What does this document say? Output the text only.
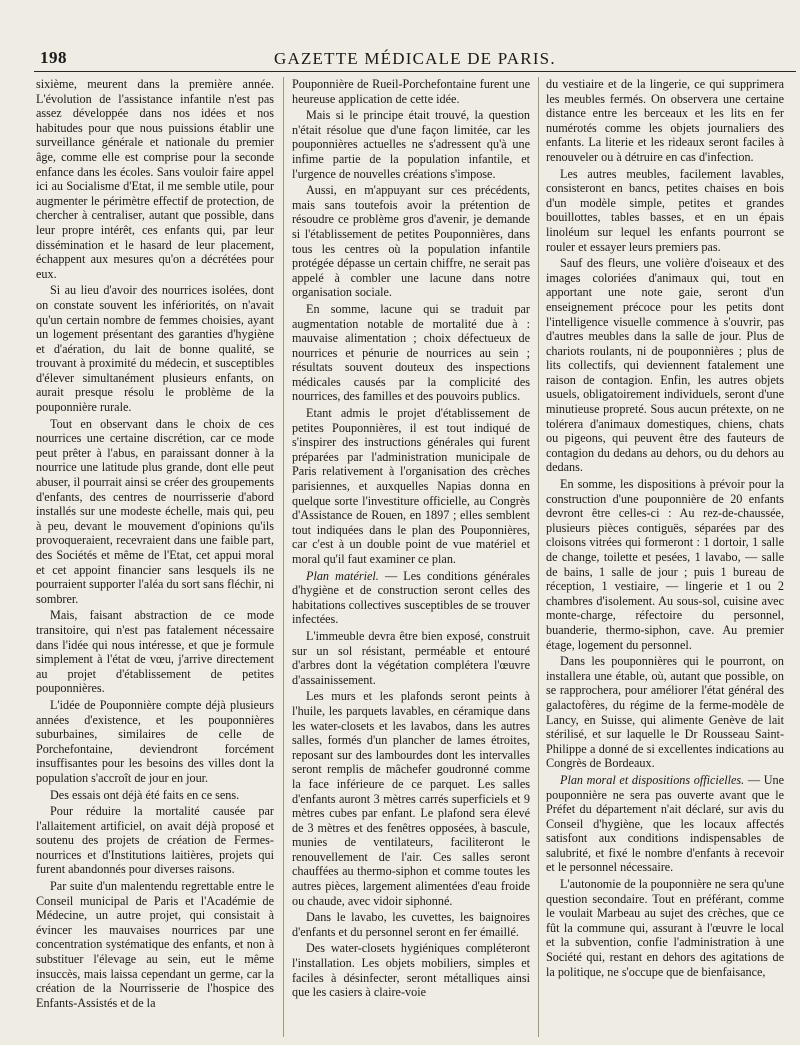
198	GAZETTE MÉDICALE DE PARIS.

sixième, meurent dans la première année. L'évolution de l'assistance infantile n'est pas assez développée dans nos idées et nos habitudes pour que nous puissions établir une surveillance générale et nationale du premier âge, comme elle est comprise pour la seconde enfance dans les écoles. Sans vouloir faire appel ici au Socialisme d'Etat, il me semble utile, pour augmenter le périmètre effectif de protection, de chercher à centraliser, autant que possible, dans leur propre intérêt, ces enfants qui, par leur dissémination et le hasard de leur placement, échappent aux mesures qu'on a décrétées pour eux.

Si au lieu d'avoir des nourrices isolées, dont on constate souvent les infériorités, on n'avait qu'un certain nombre de femmes choisies, ayant un logement présentant des garanties d'hygiène et d'aération, du lait de bonne qualité, se trouvant à proximité du médecin, et susceptibles d'élever simultanément plusieurs enfants, on aurait presque résolu le problème de la pouponnière rurale.

Tout en observant dans le choix de ces nourrices une certaine discrétion, car ce mode peut prêter à l'abus, en paraissant donner à la nourrice une latitude plus grande, dont elle peut abuser, il pourrait ainsi se créer des groupements d'enfants, des centres de nourrisserie d'abord installés sur une modeste échelle, mais qui, peu à peu, devant le mouvement d'opinions qu'ils provoqueraient, recevraient dans une faible part, des Sociétés et même de l'Etat, cet appui moral et cet appoint financier sans lesquels ils ne pourraient supporter l'aléa du sort sans fléchir, ni sombrer.

Mais, faisant abstraction de ce mode transitoire, qui n'est pas fatalement nécessaire dans l'idée qui nous intéresse, et que je formule simplement à l'état de vœu, j'arrive directement au projet d'établissement de petites pouponnières.

L'idée de Pouponnière compte déjà plusieurs années d'existence, et les pouponnières suburbaines, similaires de celle de Porchefontaine, deviendront forcément insuffisantes pour les besoins des villes dont la population s'accroît de jour en jour.

Des essais ont déjà été faits en ce sens.

Pour réduire la mortalité causée par l'allaitement artificiel, on avait déjà proposé et soutenu des projets de création de Fermes-nourrices et d'Institutions laitières, projets qui furent abandonnés pour diverses raisons.

Par suite d'un malentendu regrettable entre le Conseil municipal de Paris et l'Académie de Médecine, un autre projet, qui consistait à évincer les mauvaises nourrices par une concentration systématique des enfants, et non à substituer l'élevage au sein, eut le même insuccès, mais laissa cependant un germe, car la création de la Nourrisserie de l'hospice des Enfants-Assistés et de la

Pouponnière de Rueil-Porchefontaine furent une heureuse application de cette idée.

Mais si le principe était trouvé, la question n'était résolue que d'une façon limitée, car les pouponnières actuelles ne s'adressent qu'à une infime partie de la population infantile, et l'urgence de nouvelles créations s'impose.

Aussi, en m'appuyant sur ces précédents, mais sans toutefois avoir la prétention de résoudre ce problème gros d'avenir, je demande si l'établissement de petites Pouponnières, dans tous les centres où la population infantile protégée dépasse un certain chiffre, ne serait pas appelé à combler une lacune dans notre organisation sociale.

En somme, lacune qui se traduit par augmentation notable de mortalité due à : mauvaise alimentation ; choix défectueux de nourrices et pénurie de nourrices au sein ; résultats souvent douteux des inspections médicales causés par la complicité des nourrices, des familles et des pouvoirs publics.

Etant admis le projet d'établissement de petites Pouponnières, il est tout indiqué de s'inspirer des instructions générales qui furent préparées par l'administration municipale de Paris relativement à l'organisation des crèches parisiennes, et auxquelles Napias donna en quelque sorte l'investiture officielle, au Congrès d'Assistance de Rouen, en 1897 ; elles semblent tout indiquées dans le plan des Pouponnières, car c'est à un double point de vue matériel et moral qu'il faut examiner ce plan.

Plan matériel. — Les conditions générales d'hygiène et de construction seront celles des habitations collectives susceptibles de se trouver infectées.

L'immeuble devra être bien exposé, construit sur un sol résistant, perméable et entouré d'arbres dont la végétation complétera l'œuvre d'assainissement.

Les murs et les plafonds seront peints à l'huile, les parquets lavables, en céramique dans les water-closets et les lavabos, dans les autres salles, formés d'un plancher de lames étroites, reposant sur des lambourdes dont les intervalles seront remplis de mâchefer goudronné comme la face inférieure de ce parquet. Les salles d'enfants auront 3 mètres carrés superficiels et 9 mètres cubes par enfant. Le plafond sera élevé de 3 mètres et des fenêtres opposées, à bascule, munies de ventilateurs, faciliteront le renouvellement de l'air. Ces salles seront chauffées au thermo-siphon et comme toutes les autres pièces, largement alimentées d'eau froide ou chaude, avec vidoir siphonné.

Dans le lavabo, les cuvettes, les baignoires d'enfants et du personnel seront en fer émaillé.

Des water-closets hygiéniques compléteront l'installation. Les objets mobiliers, simples et faciles à désinfecter, seront métalliques ainsi que les casiers à claire-voie

du vestiaire et de la lingerie, ce qui supprimera les meubles fermés. On observera une certaine distance entre les berceaux et les lits en fer numérotés comme les objets journaliers des enfants. La literie et les rideaux seront faciles à renouveler ou à détruire en cas d'infection.

Les autres meubles, facilement lavables, consisteront en bancs, petites chaises en bois d'un modèle simple, petites et grandes bouillottes, tables basses, et en un épais linoléum sur lequel les enfants pourront se rouler et essayer leurs premiers pas.

Sauf des fleurs, une volière d'oiseaux et des images coloriées d'animaux qui, tout en apportant une note gaie, seront d'un enseignement précoce pour les petits dont l'intelligence visuelle commence à s'ouvrir, pas d'autres meubles dans la salle de jour. Plus de chariots roulants, ni de pouponnières ; plus de lits collectifs, qui deviennent fatalement une raison de contagion. Enfin, les autres objets usuels, obligatoirement individuels, seront d'une minutieuse propreté. Sous aucun prétexte, on ne tolérera d'animaux domestiques, chiens, chats ou pigeons, qui peuvent être des fauteurs de contagion du dedans au dehors, ou du dehors au dedans.

En somme, les dispositions à prévoir pour la construction d'une pouponnière de 20 enfants devront être celles-ci : Au rez-de-chaussée, plusieurs pièces contiguës, séparées par des cloisons vitrées qui formeront : 1 dortoir, 1 salle de change, toilette et pesées, 1 lavabo, — salle de bains, 1 salle de jour ; puis 1 bureau de réception, 1 vestiaire, — lingerie et 1 ou 2 chambres d'isolement. Au sous-sol, cuisine avec monte-charge, réfectoire du personnel, buanderie, thermo-siphon, cave. Au premier étage, logement du personnel.

Dans les pouponnières qui le pourront, on installera une étable, où, autant que possible, on se rapprochera, pour améliorer l'état général des galactofères, du régime de la ferme-modèle de Lancy, en Suisse, qui alimente Genève de lait stérilisé, et sur laquelle le Dr Rousseau Saint-Philippe a donné de si excellentes indications au Congrès de Bordeaux.

Plan moral et dispositions officielles. — Une pouponnière ne sera pas ouverte avant que le Préfet du département n'ait déclaré, sur avis du Conseil d'hygiène, que les locaux affectés satisfont aux conditions indispensables de salubrité, et fixé le nombre d'enfants à recevoir et le personnel nécessaire.

L'autonomie de la pouponnière ne sera qu'une question secondaire. Tout en préférant, comme le voulait Marbeau au sujet des crèches, que ce fût la commune qui, assurant à l'œuvre le local et la subvention, confie l'administration à une Société qui, restant en dehors des agitations de la politique, ne s'occupe que de bienfaisance,
